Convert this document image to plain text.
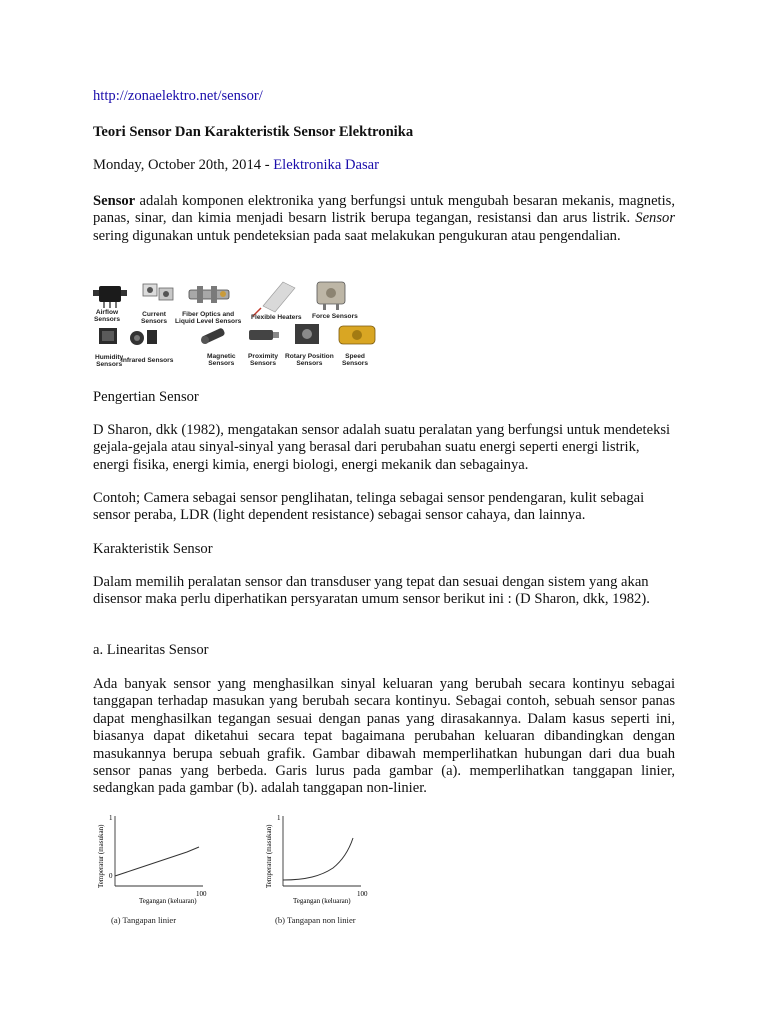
http://zonaelektro.net/sensor/

Teori Sensor Dan Karakteristik Sensor Elektronika

Monday, October 20th, 2014 - Elektronika Dasar

Sensor adalah komponen elektronika yang berfungsi untuk mengubah besaran mekanis, magnetis, panas, sinar, dan kimia menjadi besarn listrik berupa tegangan, resistansi dan arus listrik. Sensor sering digunakan untuk pendeteksian pada saat melakukan pengukuran atau pengendalian.

Airflow
Sensors
Current
Sensors
Fiber Optics and
Liquid Level Sensors
Flexible Heaters Force Sensors
Humidity
Sensors
Infrared Sensors
Magnetic
Sensors
Proximity
Sensors
Rotary Position
Sensors
Speed
Sensors

Pengertian Sensor

D Sharon, dkk (1982), mengatakan sensor adalah suatu peralatan yang berfungsi untuk mendeteksi gejala-gejala atau sinyal-sinyal yang berasal dari perubahan suatu energi seperti energi listrik, energi fisika, energi kimia, energi biologi, energi mekanik dan sebagainya.

Contoh; Camera sebagai sensor penglihatan, telinga sebagai sensor pendengaran, kulit sebagai sensor peraba, LDR (light dependent resistance) sebagai sensor cahaya, dan lainnya.

Karakteristik Sensor

Dalam memilih peralatan sensor dan transduser yang tepat dan sesuai dengan sistem yang akan disensor maka perlu diperhatikan persyaratan umum sensor berikut ini : (D Sharon, dkk, 1982).

a. Linearitas Sensor

Ada banyak sensor yang menghasilkan sinyal keluaran yang berubah secara kontinyu sebagai tanggapan terhadap masukan yang berubah secara kontinyu. Sebagai contoh, sebuah sensor panas dapat menghasilkan tegangan sesuai dengan panas yang dirasakannya. Dalam kasus seperti ini, biasanya dapat diketahui secara tepat bagaimana perubahan keluaran dibandingkan dengan masukannya berupa sebuah grafik. Gambar dibawah memperlihatkan hubungan dari dua buah sensor panas yang berbeda. Garis lurus pada gambar (a). memperlihatkan tanggapan linier, sedangkan pada gambar (b). adalah tanggapan non-linier.

1
0
100
Tegangan (keluaran)
Temperatur (masukan)
(a) Tangapan linier
1
100
Tegangan (keluaran)
Temperatur (masukan)
(b) Tangapan non linier
